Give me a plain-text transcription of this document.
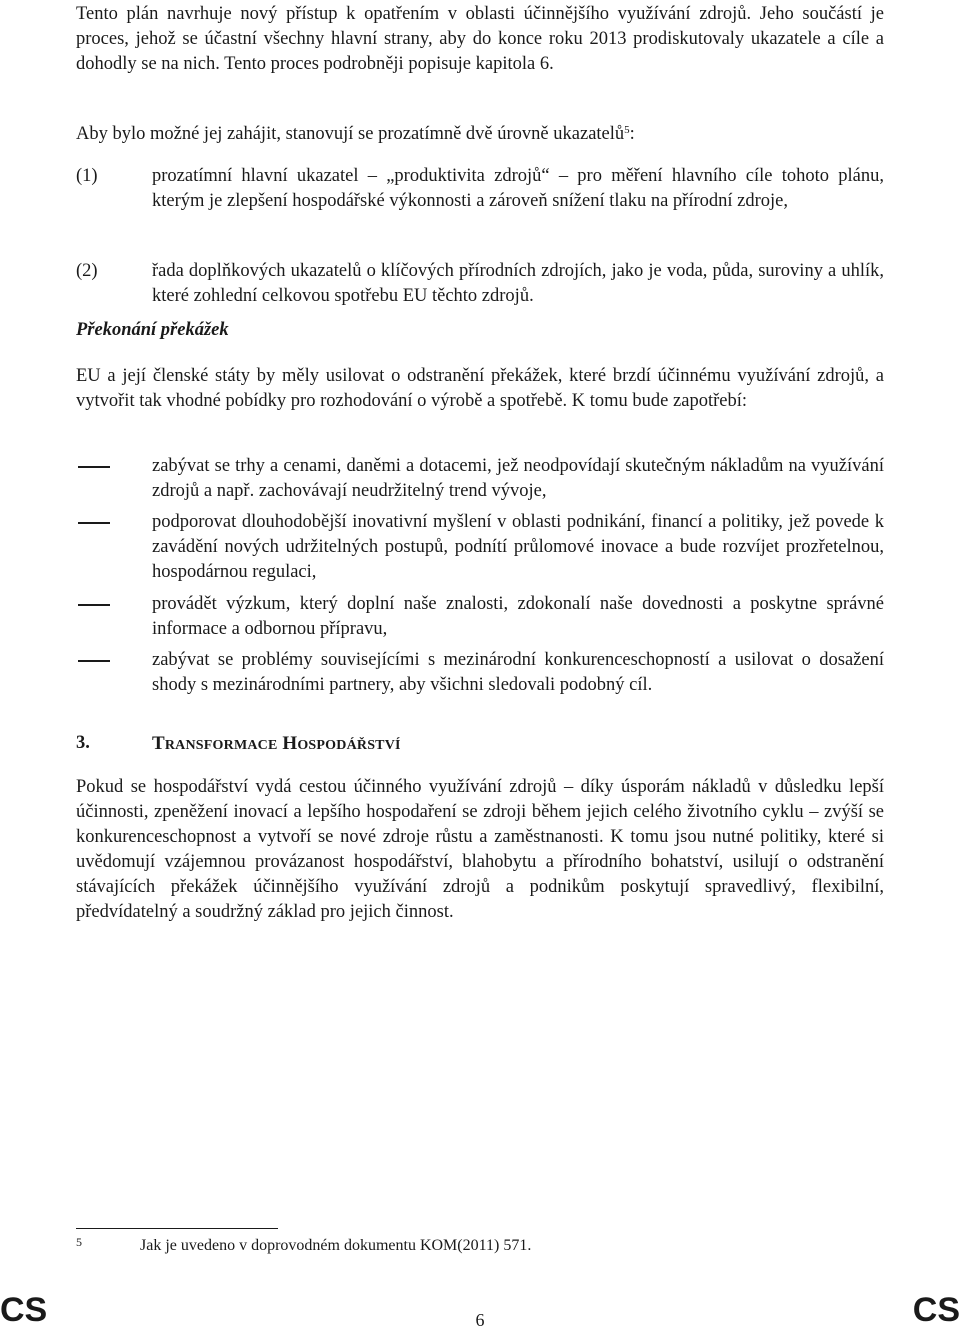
Tento plán navrhuje nový přístup k opatřením v oblasti účinnějšího využívání zdrojů. Jeho součástí je proces, jehož se účastní všechny hlavní strany, aby do konce roku 2013 prodiskutovaly ukazatele a cíle a dohodly se na nich. Tento proces podrobněji popisuje kapitola 6.

Aby bylo možné jej zahájit, stanovují se prozatímně dvě úrovně ukazatelů$^5$:

(1)	prozatímní hlavní ukazatel – „produktivita zdrojů“ – pro měření hlavního cíle tohoto plánu, kterým je zlepšení hospodářské výkonnosti a zároveň snížení tlaku na přírodní zdroje,

(2)	řada doplňkových ukazatelů o klíčových přírodních zdrojích, jako je voda, půda, suroviny a uhlík, které zohlední celkovou spotřebu EU těchto zdrojů.

Překonání překážek

EU a její členské státy by měly usilovat o odstranění překážek, které brzdí účinnému využívání zdrojů, a vytvořit tak vhodné pobídky pro rozhodování o výrobě a spotřebě. K tomu bude zapotřebí:

zabývat se trhy a cenami, daněmi a dotacemi, jež neodpovídají skutečným nákladům na využívání zdrojů a např. zachovávají neudržitelný trend vývoje,

podporovat dlouhodobější inovativní myšlení v oblasti podnikání, financí a politiky, jež povede k zavádění nových udržitelných postupů, podnítí průlomové inovace a bude rozvíjet prozřetelnou, hospodárnou regulaci,

provádět výzkum, který doplní naše znalosti, zdokonalí naše dovednosti a poskytne správné informace a odbornou přípravu,

zabývat se problémy souvisejícími s mezinárodní konkurenceschopností a usilovat o dosažení shody s mezinárodními partnery, aby všichni sledovali podobný cíl.

3.	TRANSFORMACE HOSPODÁŘSTVÍ

Pokud se hospodářství vydá cestou účinného využívání zdrojů – díky úsporám nákladů v důsledku lepší účinnosti, zpeněžení inovací a lepšího hospodaření se zdroji během jejich celého životního cyklu – zvýší se konkurenceschopnost a vytvoří se nové zdroje růstu a zaměstnanosti. K tomu jsou nutné politiky, které si uvědomují vzájemnou provázanost hospodářství, blahobytu a přírodního bohatství, usilují o odstranění stávajících překážek účinnějšího využívání zdrojů a podnikům poskytují spravedlivý, flexibilní, předvídatelný a soudržný základ pro jejich činnost.

5	Jak je uvedeno v doprovodném dokumentu KOM(2011) 571.
CS	6	CS
